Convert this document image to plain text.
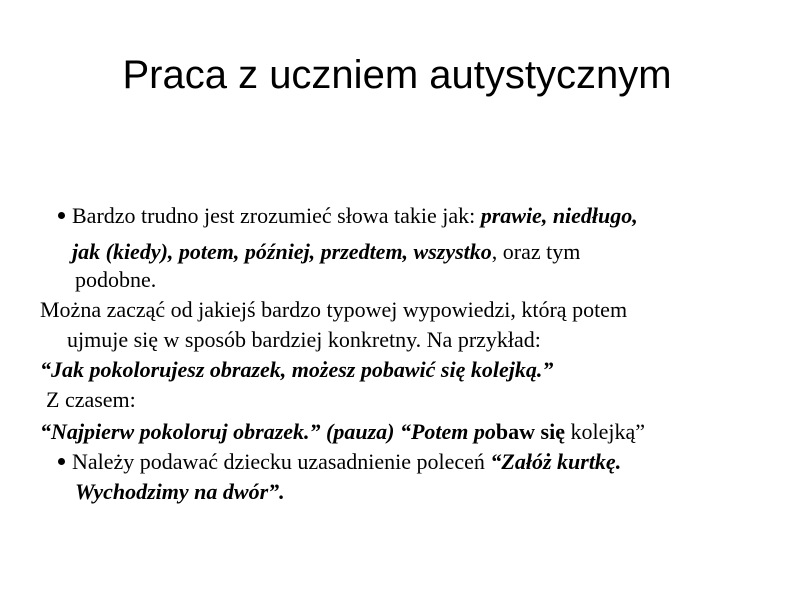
Praca z uczniem autystycznym
Bardzo trudno jest zrozumieć słowa takie jak: prawie, niedługo,
jak (kiedy), potem, później, przedtem, wszystko, oraz tym
podobne.
Można zacząć od jakiejś bardzo typowej wypowiedzi, którą potem
ujmuje się w sposób bardziej konkretny. Na przykład:
“Jak pokolorujesz obrazek, możesz pobawić się kolejką.”
Z czasem:
“Najpierw pokoloruj obrazek.” (pauza) “Potem pobaw się kolejką”
Należy podawać dziecku uzasadnienie poleceń “Załóż kurtkę.
Wychodzimy na dwór”.
